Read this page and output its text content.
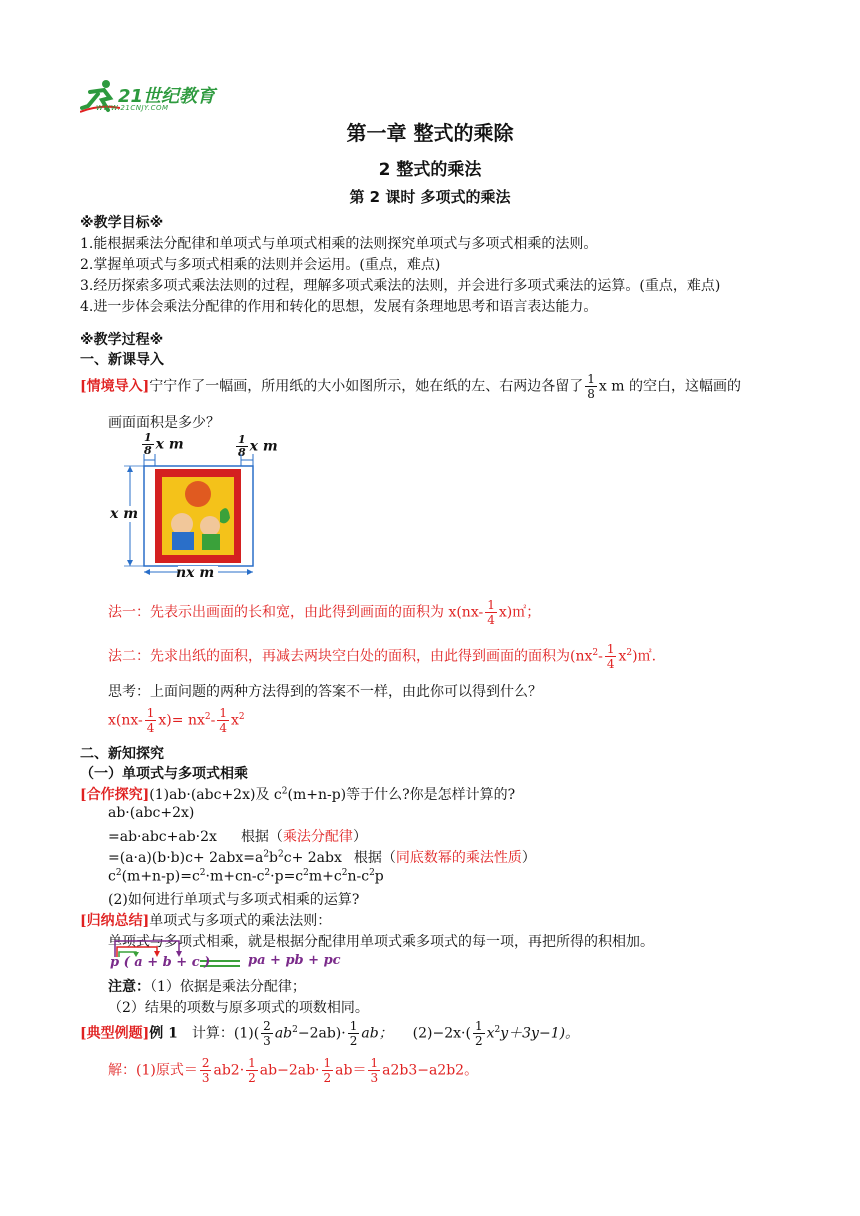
21世纪教育
WWW.21CNJY.COM
第一章 整式的乘除
2 整式的乘法
第 2 课时 多项式的乘法
※教学目标※
1.能根据乘法分配律和单项式与单项式相乘的法则探究单项式与多项式相乘的法则。
2.掌握单项式与多项式相乘的法则并会运用。(重点，难点)
3.经历探索多项式乘法法则的过程，理解多项式乘法的法则，并会进行多项式乘法的运算。(重点，难点)
4.进一步体会乘法分配律的作用和转化的思想，发展有条理地思考和语言表达能力。
※教学过程※
一、新课导入
[情境导入]宁宁作了一幅画，所用纸的大小如图所示，她在纸的左、右两边各留了 $\frac{1}{8}$ x m 的空白，这幅画的
画面面积是多少？
$\frac{1}{8}$ x m	$\frac{1}{8}$ x m
x m
nx m
法一：先表示出画面的长和宽，由此得到画面的面积为 $x(nx- \frac{1}{4}$ x)㎡；
法二：先求出纸的面积，再减去两块空白处的面积，由此得到画面的面积为($nx^2- \frac{1}{4}$ $x^2)㎡$.
思考：上面问题的两种方法得到的答案不一样，由此你可以得到什么？
$x(nx- \frac{1}{4} x)= nx^2- \frac{1}{4} x^2$
二、新知探究
（一）单项式与多项式相乘
[合作探究](1)ab·(abc+2x)及 $c^2(m+n-p)$等于什么?你是怎样计算的?
ab·(abc+2x)
=ab·abc+ab·2x 根据（乘法分配律）
$=(a\cdot a)(b\cdot b)c+ 2abx=a^2b^2c+ 2abx$ 根据（同底数幂的乘法性质）
$c^2(m+n-p)=c^2\cdot m+cn-c^2\cdot p=c^2m+c^2n-c^2p$
(2)如何进行单项式与多项式相乘的运算?
[归纳总结]单项式与多项式的乘法法则：
单项式与多项式相乘，就是根据分配律用单项式乘多项式的每一项，再把所得的积相加。
p ( a + b + c )	pa + pb + pc
注意：（1）依据是乘法分配律；
（2）结果的项数与原多项式的项数相同。
[典型例题]例 1 计算：$(1)( \frac{2}{3} ab^2-2ab)\cdot \frac{1}{2}$ ab； $(2)-2x\cdot( \frac{1}{2} x^2y+3y-1)$。
解：(1)原式＝ $\frac{2}{3} ab2\cdot \frac{1}{2} ab-2ab\cdot \frac{1}{2} ab= \frac{1}{3} a2b3-a2b2$。
